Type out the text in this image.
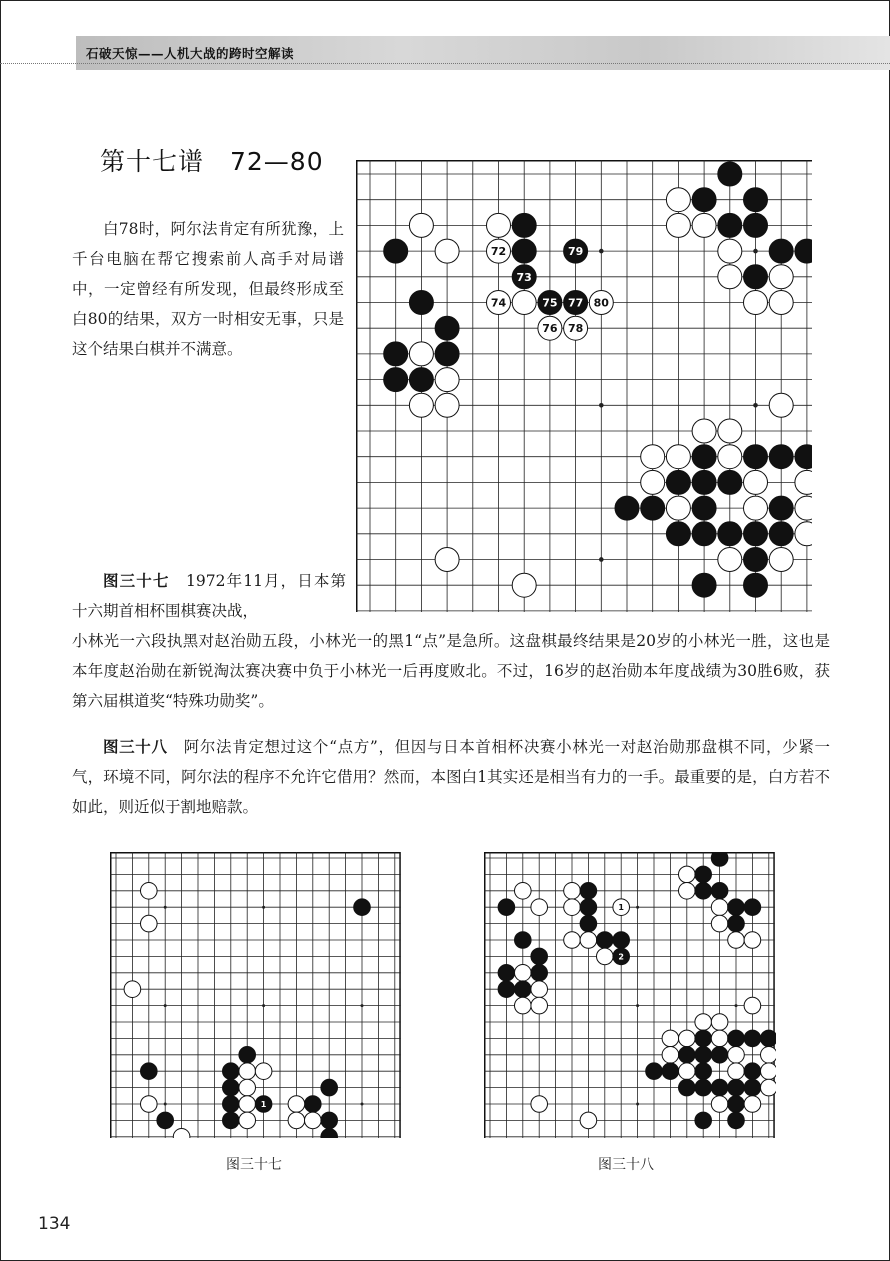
石破天惊——人机大战的跨时空解读
第十七谱　72—80
72	79
73
74	75 77 80
76 78
白78时，阿尔法肯定有所犹豫，上千台电脑在帮它搜索前人高手对局谱中，一定曾经有所发现，但最终形成至白80的结果，双方一时相安无事，只是这个结果白棋并不满意。
图三十七　 1972年11月，日本第十六期首相杯围棋赛决战，
小林光一六段执黑对赵治勋五段，小林光一的黑1“点”是急所。这盘棋最终结果是20岁的小林光一胜，这也是本年度赵治勋在新锐淘汰赛决赛中负于小林光一后再度败北。不过，16岁的赵治勋本年度战绩为30胜6败，获第六届棋道奖“特殊功勋奖”。
图三十八　 阿尔法肯定想过这个“点方”，但因与日本首相杯决赛小林光一对赵治勋那盘棋不同，少紧一气，环境不同，阿尔法的程序不允许它借用？然而，本图白1其实还是相当有力的一手。最重要的是，白方若不如此，则近似于割地赔款。
1
1
2
图三十七	图三十八
134
